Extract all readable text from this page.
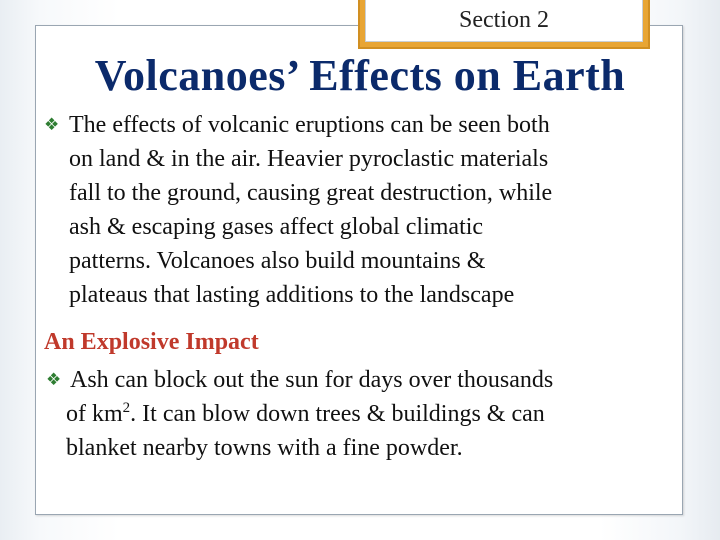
Section 2
Volcanoes’ Effects on Earth
❖ The effects of volcanic eruptions can be seen both
on land & in the air. Heavier pyroclastic materials
fall to the ground, causing great destruction, while
ash & escaping gases affect global climatic
patterns. Volcanoes also build mountains &
plateaus that lasting additions to the landscape
An Explosive Impact
❖ Ash can block out the sun for days over thousands
of $km^2$. It can blow down trees & buildings & can
blanket nearby towns with a fine powder.
